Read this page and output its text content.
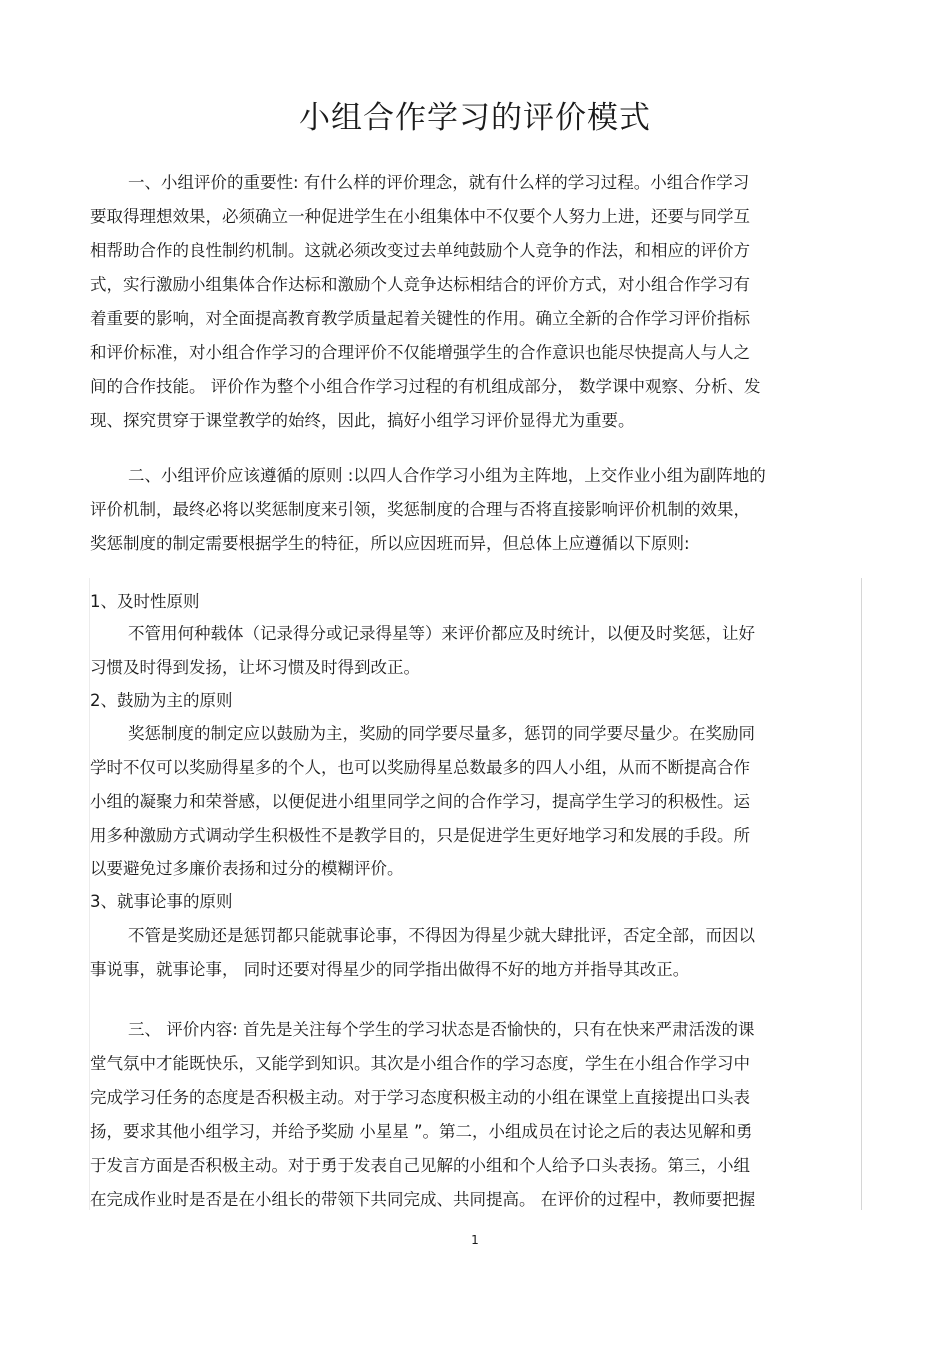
小组合作学习的评价模式

一、小组评价的重要性: 有什么样的评价理念，就有什么样的学习过程。小组合作学习

要取得理想效果，必须确立一种促进学生在小组集体中不仅要个人努力上进，还要与同学互

相帮助合作的良性制约机制。这就必须改变过去单纯鼓励个人竞争的作法，和相应的评价方

式，实行激励小组集体合作达标和激励个人竞争达标相结合的评价方式，对小组合作学习有

着重要的影响，对全面提高教育教学质量起着关键性的作用。确立全新的合作学习评价指标

和评价标准，对小组合作学习的合理评价不仅能增强学生的合作意识也能尽快提高人与人之

间的合作技能。 评价作为整个小组合作学习过程的有机组成部分， 数学课中观察、分析、发

现、探究贯穿于课堂教学的始终，因此，搞好小组学习评价显得尤为重要。

二、小组评价应该遵循的原则 :以四人合作学习小组为主阵地，上交作业小组为副阵地的

评价机制，最终必将以奖惩制度来引领，奖惩制度的合理与否将直接影响评价机制的效果，

奖惩制度的制定需要根据学生的特征，所以应因班而异，但总体上应遵循以下原则:

1、及时性原则

不管用何种载体（记录得分或记录得星等）来评价都应及时统计，以便及时奖惩，让好

习惯及时得到发扬，让坏习惯及时得到改正。

2、鼓励为主的原则

奖惩制度的制定应以鼓励为主，奖励的同学要尽量多，惩罚的同学要尽量少。在奖励同

学时不仅可以奖励得星多的个人，也可以奖励得星总数最多的四人小组，从而不断提高合作

小组的凝聚力和荣誉感，以便促进小组里同学之间的合作学习，提高学生学习的积极性。运

用多种激励方式调动学生积极性不是教学目的，只是促进学生更好地学习和发展的手段。所

以要避免过多廉价表扬和过分的模糊评价。

3、就事论事的原则

不管是奖励还是惩罚都只能就事论事，不得因为得星少就大肆批评，否定全部，而因以

事说事，就事论事， 同时还要对得星少的同学指出做得不好的地方并指导其改正。

三、 评价内容: 首先是关注每个学生的学习状态是否愉快的，只有在快来严肃活泼的课

堂气氛中才能既快乐，又能学到知识。其次是小组合作的学习态度，学生在小组合作学习中

完成学习任务的态度是否积极主动。对于学习态度积极主动的小组在课堂上直接提出口头表

扬，要求其他小组学习，并给予奖励 小星星 ”。第二，小组成员在讨论之后的表达见解和勇

于发言方面是否积极主动。对于勇于发表自己见解的小组和个人给予口头表扬。第三，小组

在完成作业时是否是在小组长的带领下共同完成、共同提高。 在评价的过程中，教师要把握

1
